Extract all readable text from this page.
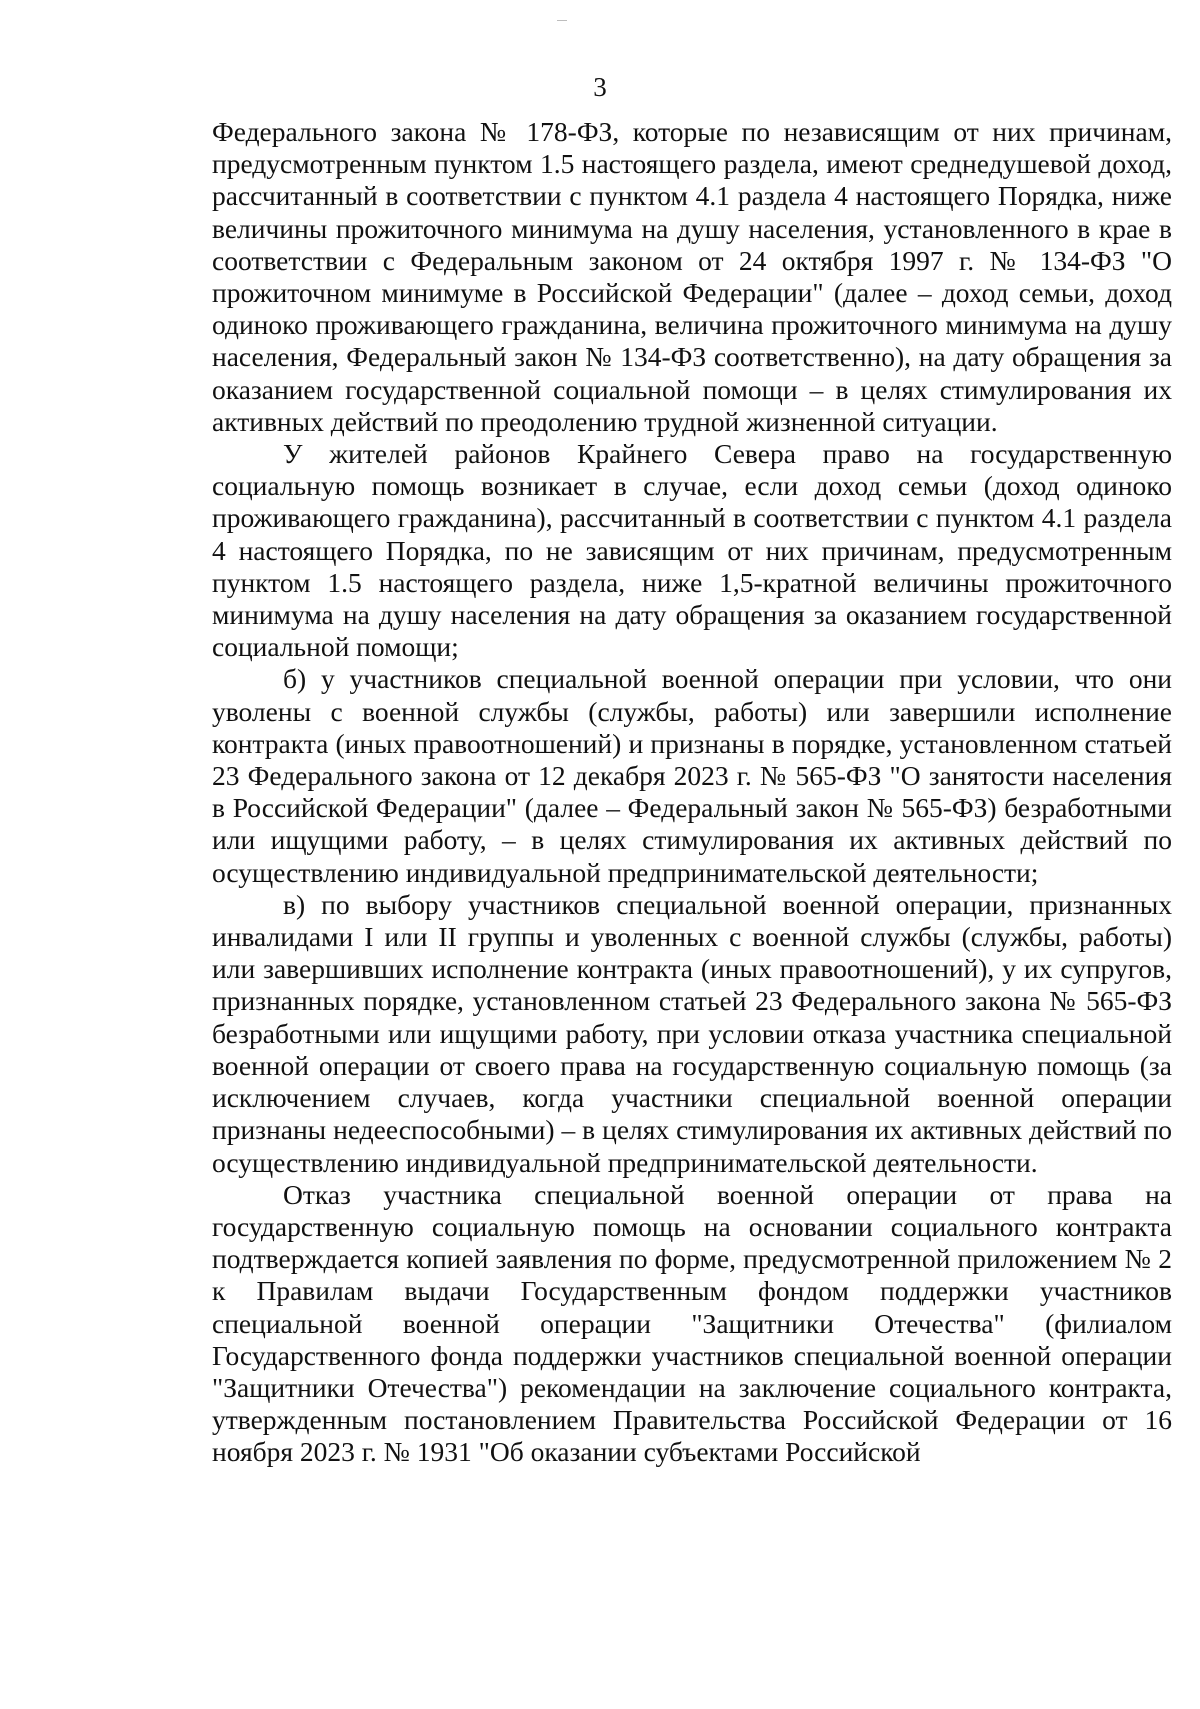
3

Федерального закона № 178-ФЗ, которые по независящим от них причинам, предусмотренным пунктом 1.5 настоящего раздела, имеют среднедушевой доход, рассчитанный в соответствии с пунктом 4.1 раздела 4 настоящего Порядка, ниже величины прожиточного минимума на душу населения, установленного в крае в соответствии с Федеральным законом от 24 октября 1997 г. № 134-ФЗ "О прожиточном минимуме в Российской Федерации" (далее – доход семьи, доход одиноко проживающего гражданина, величина прожиточного минимума на душу населения, Федеральный закон № 134-ФЗ соответственно), на дату обращения за оказанием государственной социальной помощи – в целях стимулирования их активных действий по преодолению трудной жизненной ситуации.

У жителей районов Крайнего Севера право на государственную социальную помощь возникает в случае, если доход семьи (доход одиноко проживающего гражданина), рассчитанный в соответствии с пунктом 4.1 раздела 4 настоящего Порядка, по не зависящим от них причинам, предусмотренным пунктом 1.5 настоящего раздела, ниже 1,5-кратной величины прожиточного минимума на душу населения на дату обращения за оказанием государственной социальной помощи;

б) у участников специальной военной операции при условии, что они уволены с военной службы (службы, работы) или завершили исполнение контракта (иных правоотношений) и признаны в порядке, установленном статьей 23 Федерального закона от 12 декабря 2023 г. № 565-ФЗ "О занятости населения в Российской Федерации" (далее – Федеральный закон № 565-ФЗ) безработными или ищущими работу, – в целях стимулирования их активных действий по осуществлению индивидуальной предпринимательской деятельности;

в) по выбору участников специальной военной операции, признанных инвалидами I или II группы и уволенных с военной службы (службы, работы) или завершивших исполнение контракта (иных правоотношений), у их супругов, признанных порядке, установленном статьей 23 Федерального закона № 565-ФЗ безработными или ищущими работу, при условии отказа участника специальной военной операции от своего права на государственную социальную помощь (за исключением случаев, когда участники специальной военной операции признаны недееспособными) – в целях стимулирования их активных действий по осуществлению индивидуальной предпринимательской деятельности.

Отказ участника специальной военной операции от права на государственную социальную помощь на основании социального контракта подтверждается копией заявления по форме, предусмотренной приложением № 2 к Правилам выдачи Государственным фондом поддержки участников специальной военной операции "Защитники Отечества" (филиалом Государственного фонда поддержки участников специальной военной операции "Защитники Отечества") рекомендации на заключение социального контракта, утвержденным постановлением Правительства Российской Федерации от 16 ноября 2023 г. № 1931 "Об оказании субъектами Российской
